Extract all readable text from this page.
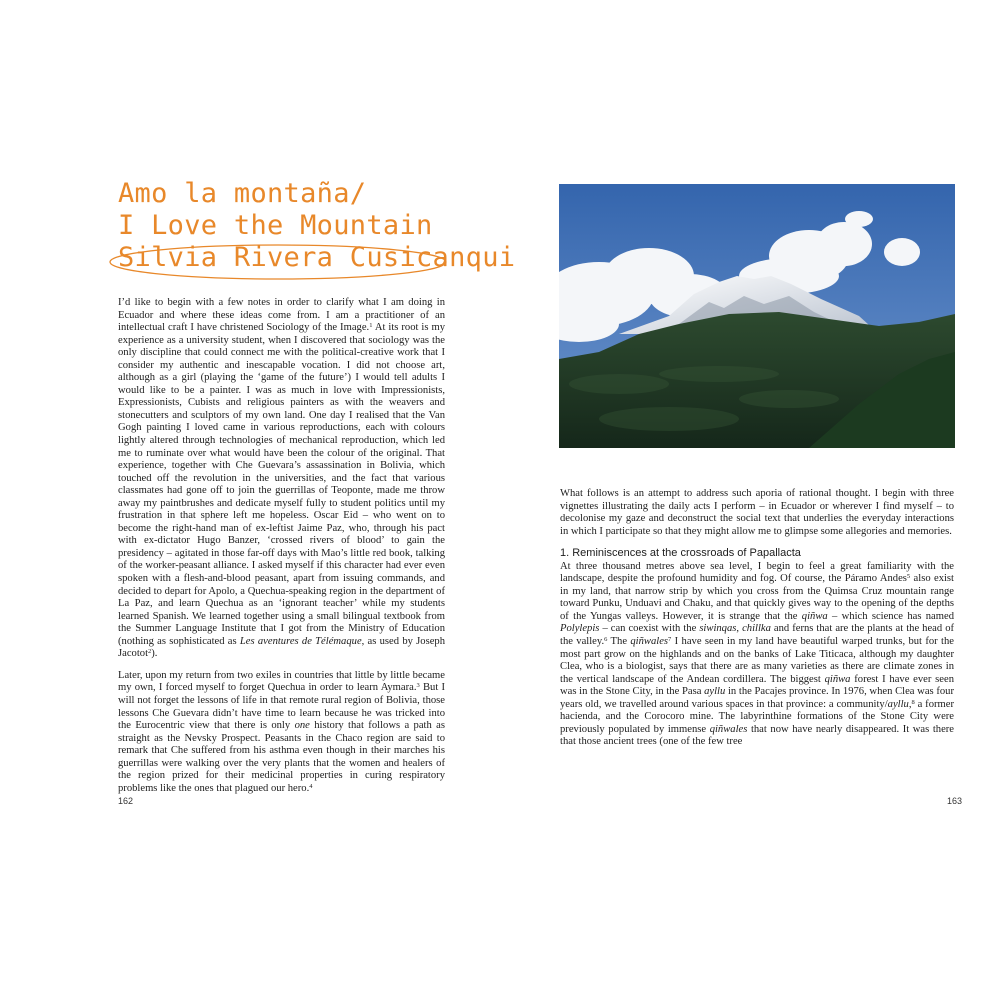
Amo la montaña/
I Love the Mountain
Silvia Rivera Cusicanqui

I’d like to begin with a few notes in order to clarify what I am doing in Ecuador and where these ideas come from. I am a practitioner of an intellectual craft I have christened Sociology of the Image.$^1$ At its root is my experience as a university student, when I discovered that sociology was the only discipline that could connect me with the political-creative work that I consider my authentic and inescapable vocation. I did not choose art, although as a girl (playing the ‘game of the future’) I would tell adults I would like to be a painter. I was as much in love with Impressionists, Expressionists, Cubists and religious painters as with the weavers and stonecutters and sculptors of my own land. One day I realised that the Van Gogh painting I loved came in various reproductions, each with colours lightly altered through technologies of mechanical reproduction, which led me to ruminate over what would have been the colour of the original. That experience, together with Che Guevara’s assassination in Bolivia, which touched off the revolution in the universities, and the fact that various classmates had gone off to join the guerrillas of Teoponte, made me throw away my paintbrushes and dedicate myself fully to student politics until my frustration in that sphere left me hopeless. Oscar Eid – who went on to become the right-hand man of ex-leftist Jaime Paz, who, through his pact with ex-dictator Hugo Banzer, ‘crossed rivers of blood’ to gain the presidency – agitated in those far-off days with Mao’s little red book, talking of the worker-peasant alliance. I asked myself if this character had ever even spoken with a flesh-and-blood peasant, apart from issuing commands, and decided to depart for Apolo, a Quechua-speaking region in the department of La Paz, and learn Quechua as an ‘ignorant teacher’ while my students learned Spanish. We learned together using a small bilingual textbook from the Summer Language Institute that I got from the Ministry of Education (nothing as sophisticated as Les aventures de Télémaque, as used by Joseph Jacotot$^2$).

Later, upon my return from two exiles in countries that little by little became my own, I forced myself to forget Quechua in order to learn Aymara.$^3$ But I will not forget the lessons of life in that remote rural region of Bolivia, those lessons Che Guevara didn’t have time to learn because he was tricked into the Eurocentric view that there is only one history that follows a path as straight as the Nevsky Prospect. Peasants in the Chaco region are said to remark that Che suffered from his asthma even though in their marches his guerrillas were walking over the very plants that the women and healers of the region prized for their medicinal properties in curing respiratory problems like the ones that plagued our hero.$^4$

162

What follows is an attempt to address such aporia of rational thought. I begin with three vignettes illustrating the daily acts I perform – in Ecuador or wherever I find myself – to decolonise my gaze and deconstruct the social text that underlies the everyday interactions in which I participate so that they might allow me to glimpse some allegories and memories.

1. Reminiscences at the crossroads of Papallacta

At three thousand metres above sea level, I begin to feel a great familiarity with the landscape, despite the profound humidity and fog. Of course, the Páramo Andes$^5$ also exist in my land, that narrow strip by which you cross from the Quimsa Cruz mountain range toward Punku, Unduavi and Chaku, and that quickly gives way to the opening of the depths of the Yungas valleys. However, it is strange that the qiñwa – which science has named Polylepis – can coexist with the siwinqas, chillka and ferns that are the plants at the head of the valley.$^6$ The qiñwales$^7$ I have seen in my land have beautiful warped trunks, but for the most part grow on the highlands and on the banks of Lake Titicaca, although my daughter Clea, who is a biologist, says that there are as many varieties as there are climate zones in the vertical landscape of the Andean cordillera. The biggest qiñwa forest I have ever seen was in the Stone City, in the Pasa ayllu in the Pacajes province. In 1976, when Clea was four years old, we travelled around various spaces in that province: a community/ayllu,$^8$ a former hacienda, and the Corocoro mine. The labyrinthine formations of the Stone City were previously populated by immense qiñwales that now have nearly disappeared. It was there that those ancient trees (one of the few tree

163
